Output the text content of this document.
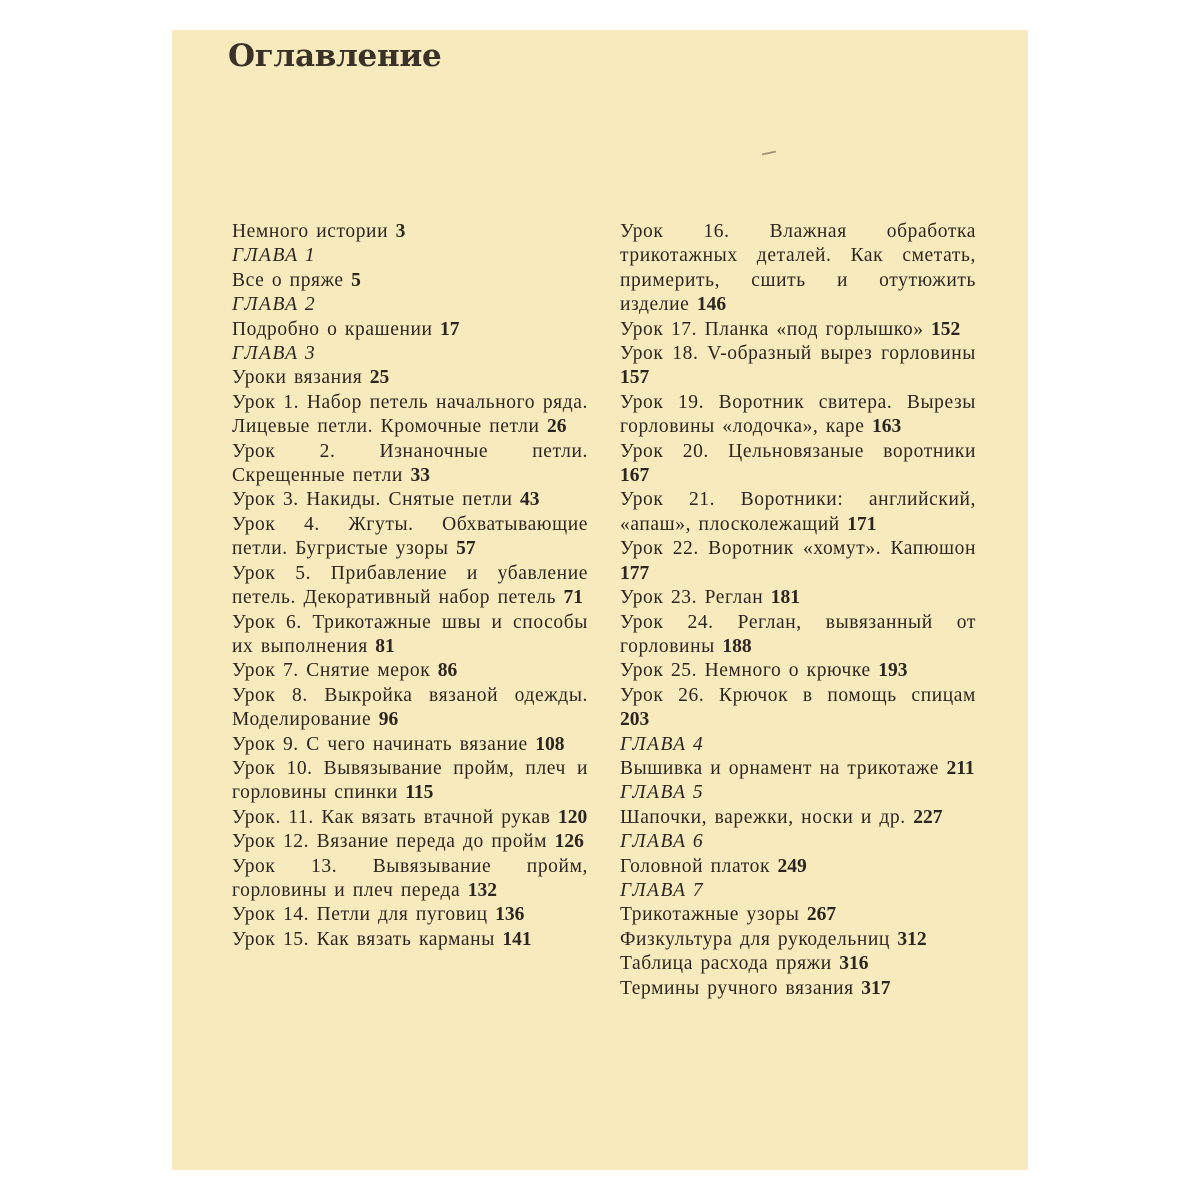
Оглавление
Немного истории 3
ГЛАВА 1
Все о пряже 5
ГЛАВА 2
Подробно о крашении 17
ГЛАВА 3
Уроки вязания 25
Урок 1. Набор петель начального ряда. Лицевые петли. Кромочные петли 26
Урок 2. Изнаночные петли. Скрещенные петли 33
Урок 3. Накиды. Снятые петли 43
Урок 4. Жгуты. Обхватывающие петли. Бугристые узоры 57
Урок 5. Прибавление и убавление петель. Декоративный набор петель 71
Урок 6. Трикотажные швы и способы их выполнения 81
Урок 7. Снятие мерок 86
Урок 8. Выкройка вязаной одежды. Моделирование 96
Урок 9. С чего начинать вязание 108
Урок 10. Вывязывание пройм, плеч и горловины спинки 115
Урок. 11. Как вязать втачной рукав 120
Урок 12. Вязание переда до пройм 126
Урок 13. Вывязывание пройм, горловины и плеч переда 132
Урок 14. Петли для пуговиц 136
Урок 15. Как вязать карманы 141
Урок 16. Влажная обработка трикотажных деталей. Как сметать, примерить, сшить и отутюжить изделие 146
Урок 17. Планка «под горлышко» 152
Урок 18. V-образный вырез горловины 157
Урок 19. Воротник свитера. Вырезы горловины «лодочка», каре 163
Урок 20. Цельновязаные воротники 167
Урок 21. Воротники: английский, «апаш», плосколежащий 171
Урок 22. Воротник «хомут». Капюшон 177
Урок 23. Реглан 181
Урок 24. Реглан, вывязанный от горловины 188
Урок 25. Немного о крючке 193
Урок 26. Крючок в помощь спицам 203
ГЛАВА 4
Вышивка и орнамент на трикотаже 211
ГЛАВА 5
Шапочки, варежки, носки и др. 227
ГЛАВА 6
Головной платок 249
ГЛАВА 7
Трикотажные узоры 267
Физкультура для рукодельниц 312
Таблица расхода пряжи 316
Термины ручного вязания 317
